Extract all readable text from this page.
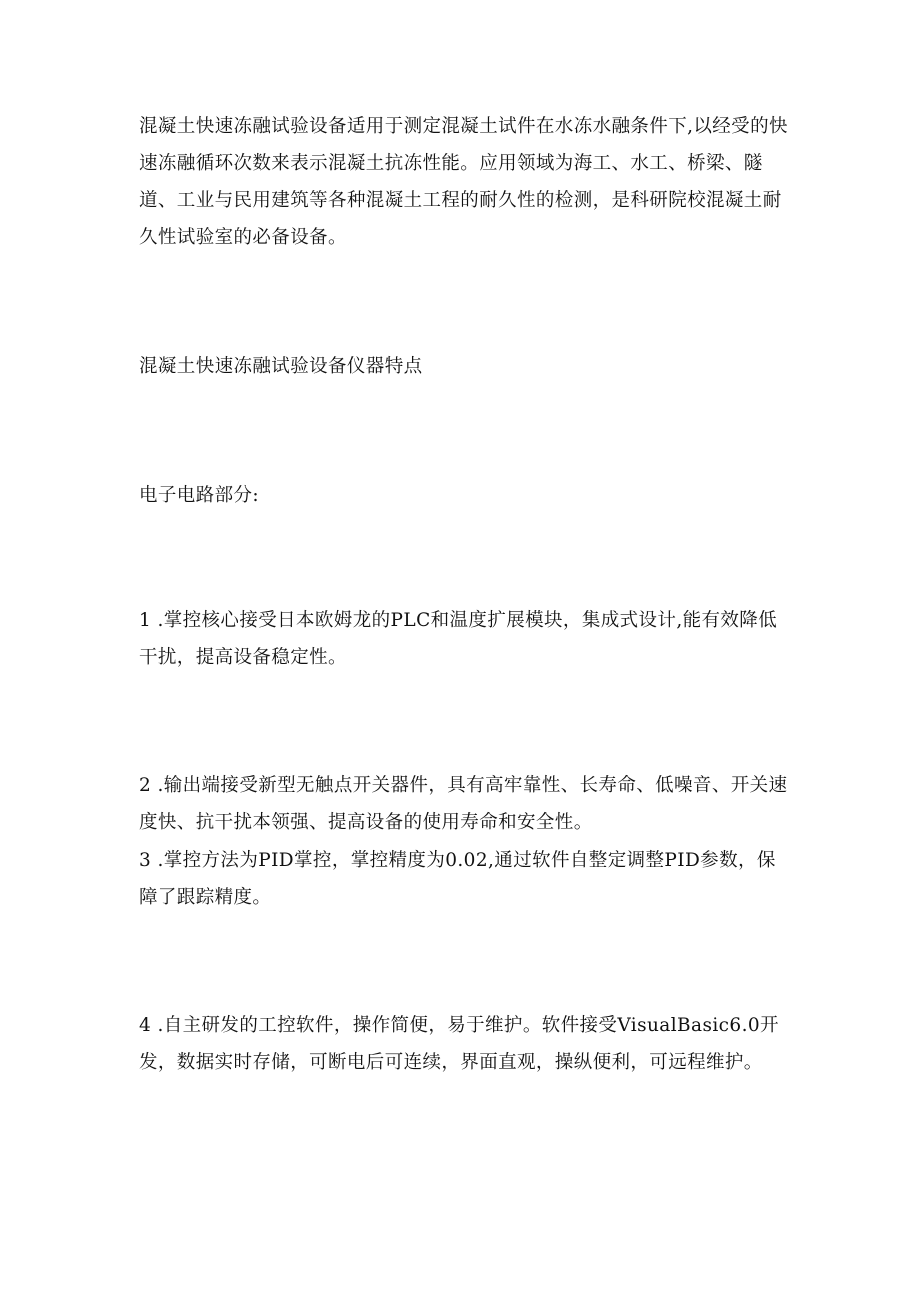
混凝土快速冻融试验设备适用于测定混凝土试件在水冻水融条件下,以经受的快速冻融循环次数来表示混凝土抗冻性能。应用领域为海工、水工、桥梁、隧道、工业与民用建筑等各种混凝土工程的耐久性的检测，是科研院校混凝土耐久性试验室的必备设备。

混凝土快速冻融试验设备仪器特点

电子电路部分:

1 .掌控核心接受日本欧姆龙的PLC和温度扩展模块，集成式设计,能有效降低干扰，提高设备稳定性。

2 .输出端接受新型无触点开关器件，具有高牢靠性、长寿命、低噪音、开关速度快、抗干扰本领强、提高设备的使用寿命和安全性。

3 .掌控方法为PID掌控，掌控精度为0.02,通过软件自整定调整PID参数，保障了跟踪精度。

4 .自主研发的工控软件，操作简便，易于维护。软件接受VisualBasic6.0开发，数据实时存储，可断电后可连续，界面直观，操纵便利，可远程维护。
